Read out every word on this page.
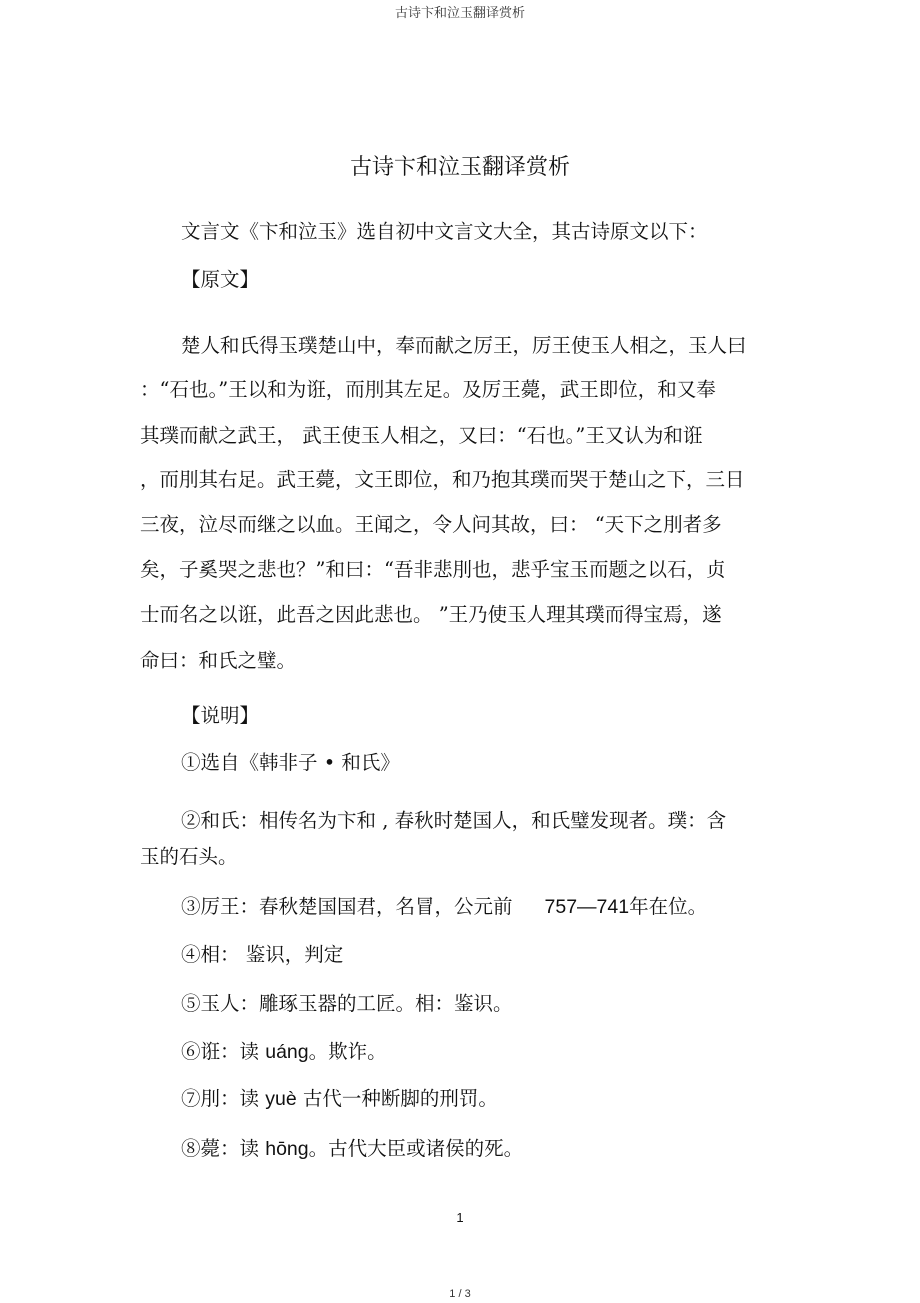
古诗卞和泣玉翻译赏析
古诗卞和泣玉翻译赏析

文言文《卞和泣玉》选自初中文言文大全，其古诗原文以下：

【原文】

楚人和氏得玉璞楚山中，奉而献之厉王，厉王使玉人相之，玉人曰

：“石也。”王以和为诳，而刖其左足。及厉王薨，武王即位，和又奉

其璞而献之武王， 武王使玉人相之，又曰：“石也。”王又认为和诳

，而刖其右足。武王薨，文王即位，和乃抱其璞而哭于楚山之下，三日

三夜，泣尽而继之以血。王闻之，令人问其故，曰： “天下之刖者多

矣，子奚哭之悲也？”和曰：“吾非悲刖也，悲乎宝玉而题之以石，贞

士而名之以诳，此吾之因此悲也。 ”王乃使玉人理其璞而得宝焉，遂

命曰：和氏之璧。

【说明】

①选自《韩非子 • 和氏》

②和氏：相传名为卞和 , 春秋时楚国人，和氏璧发现者。璞：含

玉的石头。

③厉王：春秋楚国国君，名冒，公元前 757—741年在位。

④相： 鉴识，判定

⑤玉人：雕琢玉器的工匠。相：鉴识。

⑥诳：读 uáng。欺诈。

⑦刖：读 yuè 古代一种断脚的刑罚。

⑧薨：读 hōng。古代大臣或诸侯的死。

1
1 / 3
